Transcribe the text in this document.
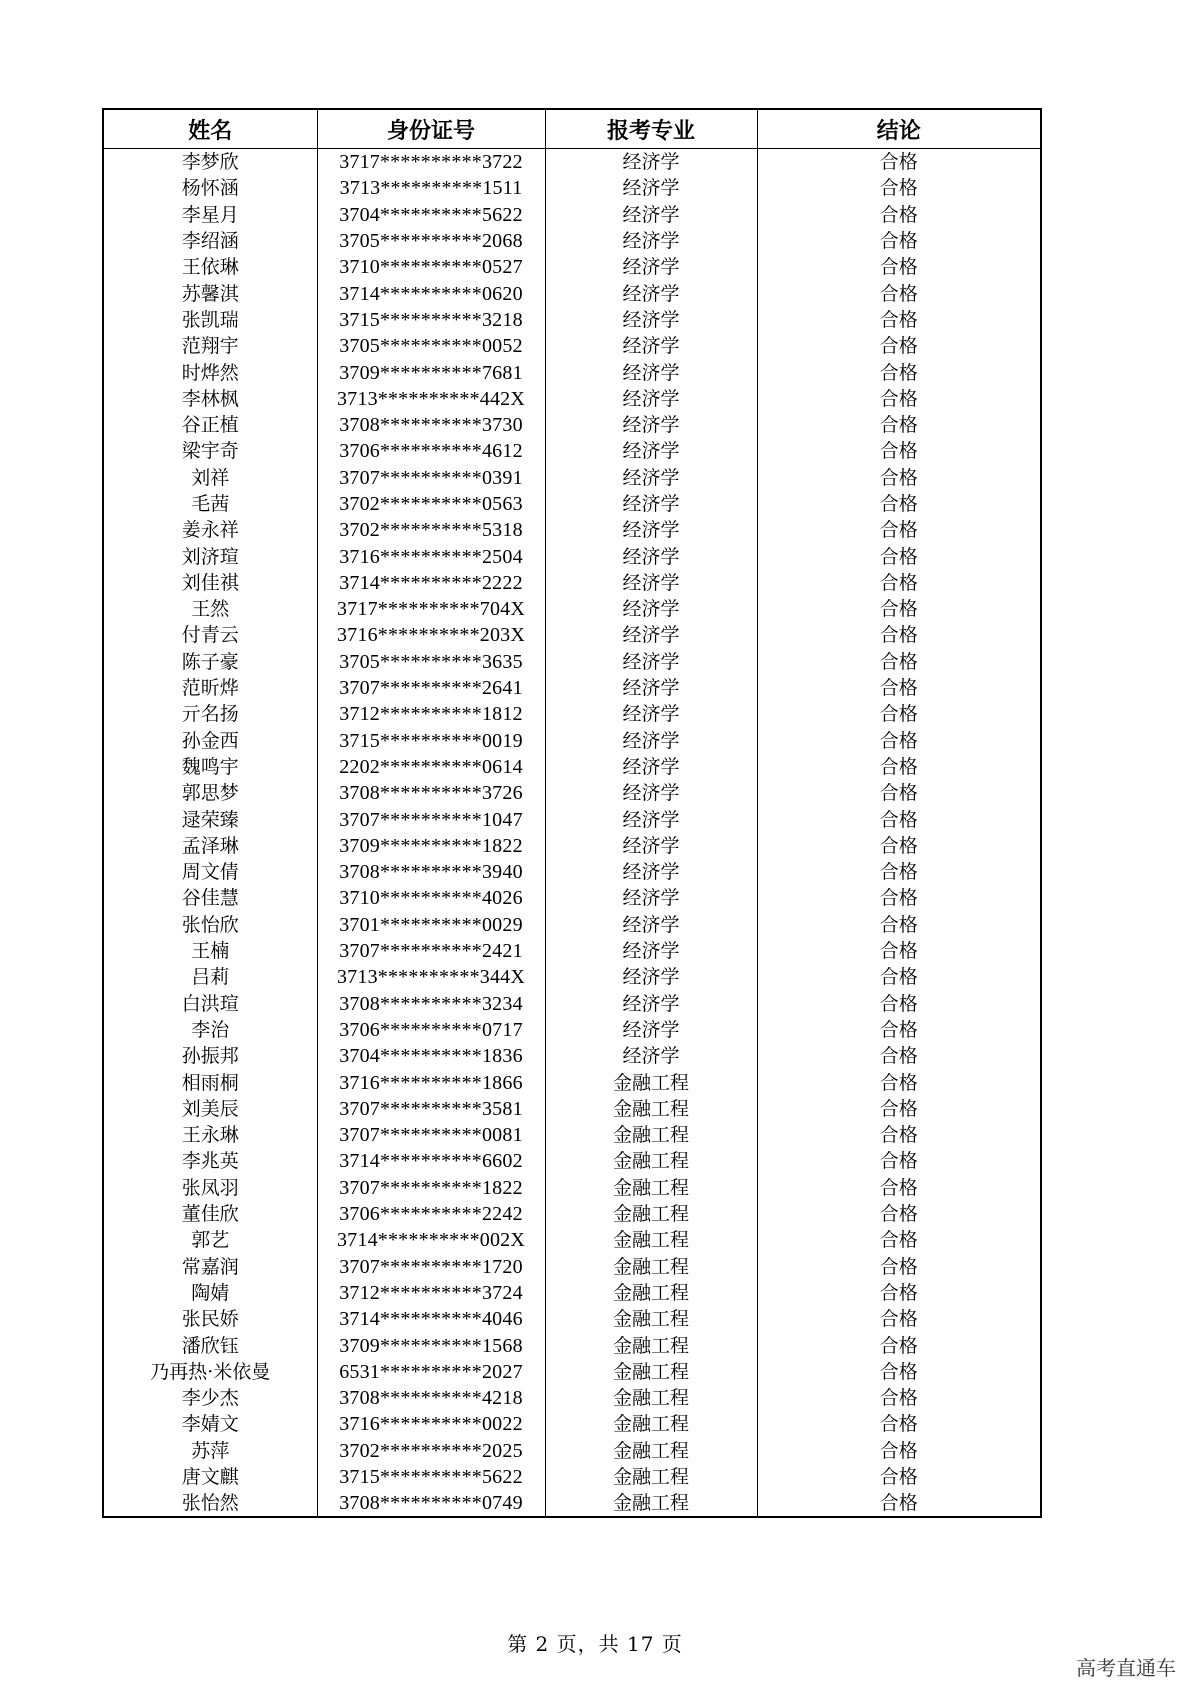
姓名	身份证号	报考专业	结论
李梦欣	3717**********3722	经济学	合格
杨怀涵	3713**********1511	经济学	合格
李星月	3704**********5622	经济学	合格
李绍涵	3705**********2068	经济学	合格
王依琳	3710**********0527	经济学	合格
苏馨淇	3714**********0620	经济学	合格
张凯瑞	3715**********3218	经济学	合格
范翔宇	3705**********0052	经济学	合格
时烨然	3709**********7681	经济学	合格
李林枫	3713**********442X	经济学	合格
谷正植	3708**********3730	经济学	合格
梁宇奇	3706**********4612	经济学	合格
刘祥	3707**********0391	经济学	合格
毛茜	3702**********0563	经济学	合格
姜永祥	3702**********5318	经济学	合格
刘济瑄	3716**********2504	经济学	合格
刘佳祺	3714**********2222	经济学	合格
王然	3717**********704X	经济学	合格
付青云	3716**********203X	经济学	合格
陈子豪	3705**********3635	经济学	合格
范昕烨	3707**********2641	经济学	合格
亓名扬	3712**********1812	经济学	合格
孙金西	3715**********0019	经济学	合格
魏鸣宇	2202**********0614	经济学	合格
郭思梦	3708**********3726	经济学	合格
逯荣臻	3707**********1047	经济学	合格
孟泽琳	3709**********1822	经济学	合格
周文倩	3708**********3940	经济学	合格
谷佳慧	3710**********4026	经济学	合格
张怡欣	3701**********0029	经济学	合格
王楠	3707**********2421	经济学	合格
吕莉	3713**********344X	经济学	合格
白洪瑄	3708**********3234	经济学	合格
李治	3706**********0717	经济学	合格
孙振邦	3704**********1836	经济学	合格
相雨桐	3716**********1866	金融工程	合格
刘美辰	3707**********3581	金融工程	合格
王永琳	3707**********0081	金融工程	合格
李兆英	3714**********6602	金融工程	合格
张凤羽	3707**********1822	金融工程	合格
董佳欣	3706**********2242	金融工程	合格
郭艺	3714**********002X	金融工程	合格
常嘉润	3707**********1720	金融工程	合格
陶婧	3712**********3724	金融工程	合格
张民娇	3714**********4046	金融工程	合格
潘欣钰	3709**********1568	金融工程	合格
乃再热·米依曼	6531**********2027	金融工程	合格
李少杰	3708**********4218	金融工程	合格
李婧文	3716**********0022	金融工程	合格
苏萍	3702**********2025	金融工程	合格
唐文麒	3715**********5622	金融工程	合格
张怡然	3708**********0749	金融工程	合格
第 2 页，共 17 页
高考直通车
